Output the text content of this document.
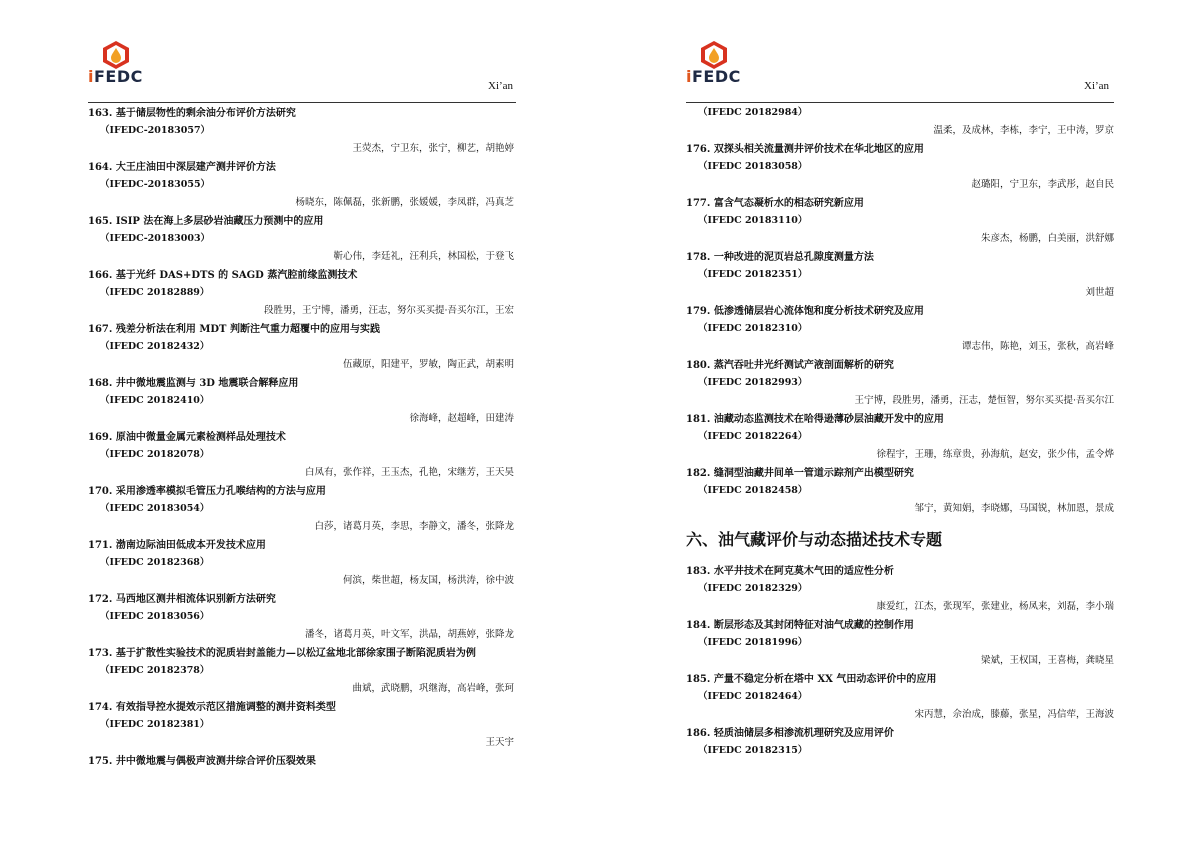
iFEDC	Xi’an
163. 基于储层物性的剩余油分布评价方法研究
（IFEDC-20183057）
王荧杰，宁卫东，张宁，柳艺，胡艳婷
164. 大王庄油田中深层建产测井评价方法
（IFEDC-20183055）
杨晓东，陈佩磊，张新鹏，张媛媛，李凤群，冯真芝
165. ISIP 法在海上多层砂岩油藏压力预测中的应用
（IFEDC-20183003）
靳心伟，李廷礼，汪利兵，林国松，于登飞
166. 基于光纤 DAS+DTS 的 SAGD 蒸汽腔前缘监测技术
（IFEDC 20182889）
段胜男，王宁博，潘勇，汪志，努尔买买提·吾买尔江，王宏
167. 残差分析法在利用 MDT 判断注气重力超覆中的应用与实践
（IFEDC 20182432）
伍藏原，阳建平，罗敏，陶正武，胡素明
168. 井中微地震监测与 3D 地震联合解释应用
（IFEDC 20182410）
徐海峰，赵超峰，田建涛
169. 原油中微量金属元素检测样品处理技术
（IFEDC 20182078）
白凤有，张作祥，王玉杰，孔艳，宋继芳，王天昊
170. 采用渗透率模拟毛管压力孔喉结构的方法与应用
（IFEDC 20183054）
白莎，诸葛月英，李思，李静文，潘冬，张降龙
171. 渤南边际油田低成本开发技术应用
（IFEDC 20182368）
何滨，柴世超，杨友国，杨洪涛，徐中波
172. 马西地区测井相流体识别新方法研究
（IFEDC 20183056）
潘冬，诸葛月英，叶文军，洪晶，胡燕婷，张降龙
173. 基于扩散性实验技术的泥质岩封盖能力—以松辽盆地北部徐家围子断陷泥质岩为例
（IFEDC 20182378）
曲斌，武晓鹏，巩继海，高岩峰，张珂
174. 有效指导控水提效示范区措施调整的测井资料类型
（IFEDC 20182381）
王天宇
175. 井中微地震与偶极声波测井综合评价压裂效果
iFEDC	Xi’an
（IFEDC 20182984）
温柔，及成林，李栋，李宁，王中涛，罗京
176. 双探头相关流量测井评价技术在华北地区的应用
（IFEDC 20183058）
赵璐阳，宁卫东，李武彤，赵自民
177. 富含气态凝析水的相态研究新应用
（IFEDC 20183110）
朱彦杰，杨鹏，白美丽，洪舒娜
178. 一种改进的泥页岩总孔隙度测量方法
（IFEDC 20182351）
刘世超
179. 低渗透储层岩心流体饱和度分析技术研究及应用
（IFEDC 20182310）
谭志伟，陈艳，刘玉，张秋，高岩峰
180. 蒸汽吞吐井光纤测试产液剖面解析的研究
（IFEDC 20182993）
王宁博，段胜男，潘勇，汪志，楚恒智，努尔买买提·吾买尔江
181. 油藏动态监测技术在哈得逊薄砂层油藏开发中的应用
（IFEDC 20182264）
徐程宇，王珊，练章贵，孙海航，赵安，张少伟，孟令烨
182. 缝洞型油藏井间单一管道示踪剂产出模型研究
（IFEDC 20182458）
邹宁，黄知娟，李晓娜，马国锐，林加恩，景成
六、油气藏评价与动态描述技术专题
183. 水平井技术在阿克莫木气田的适应性分析
（IFEDC 20182329）
康爱红，江杰，张现军，张建业，杨凤来，刘磊，李小瑞
184. 断层形态及其封闭特征对油气成藏的控制作用
（IFEDC 20181996）
梁斌，王权国，王喜梅，龚晓星
185. 产量不稳定分析在塔中 XX 气田动态评价中的应用
（IFEDC 20182464）
宋丙慧，佘治成，滕藤，张星，冯信荦，王海波
186. 轻质油储层多相渗流机理研究及应用评价
（IFEDC 20182315）
